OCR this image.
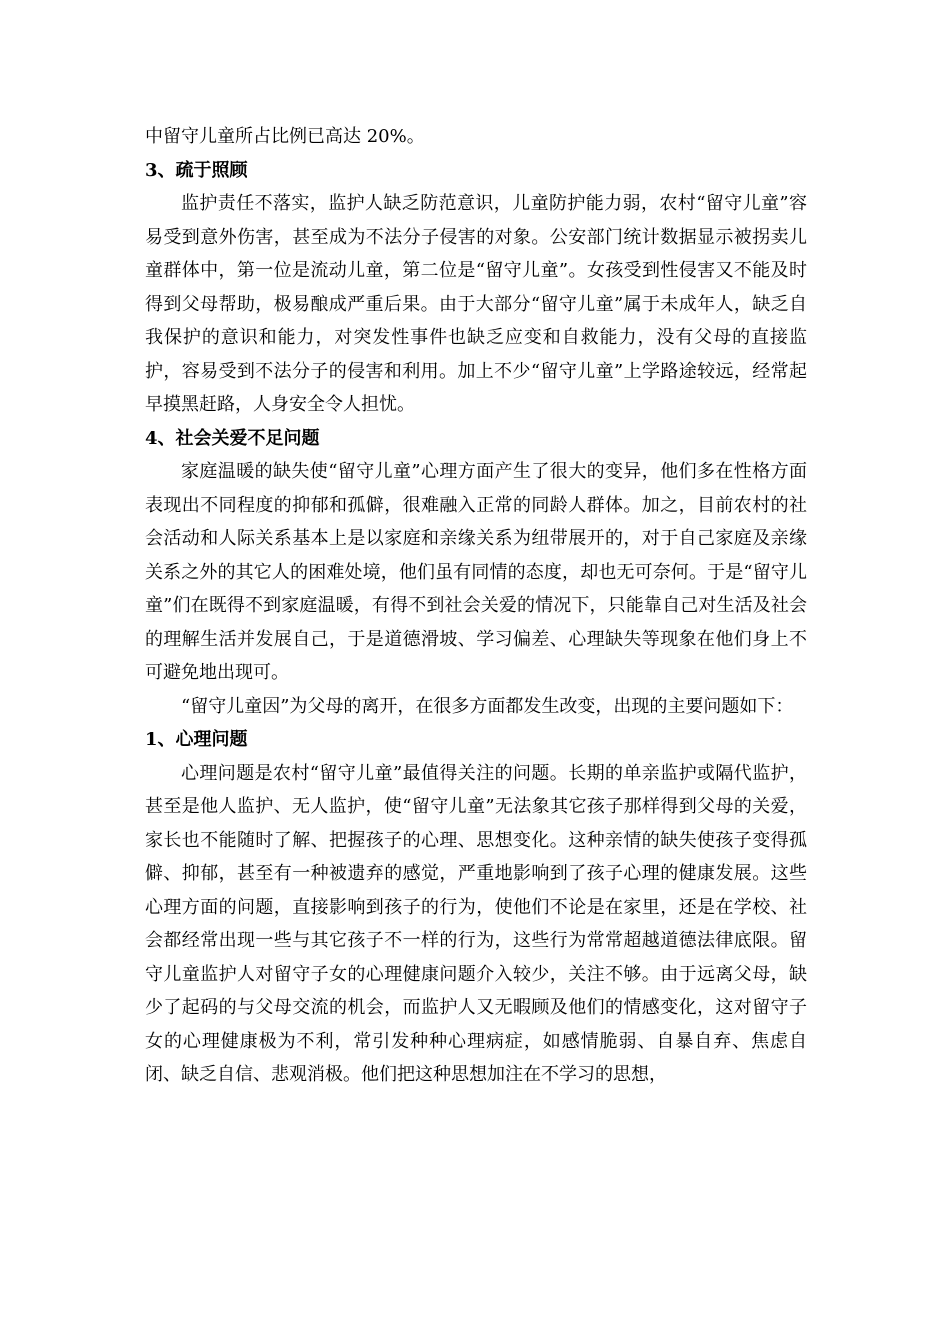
中留守儿童所占比例已高达 20%。

3、疏于照顾

监护责任不落实，监护人缺乏防范意识，儿童防护能力弱，农村“留守儿童”容易受到意外伤害，甚至成为不法分子侵害的对象。公安部门统计数据显示被拐卖儿童群体中，第一位是流动儿童，第二位是“留守儿童”。女孩受到性侵害又不能及时得到父母帮助，极易酿成严重后果。由于大部分“留守儿童”属于未成年人，缺乏自我保护的意识和能力，对突发性事件也缺乏应变和自救能力，没有父母的直接监护，容易受到不法分子的侵害和利用。加上不少“留守儿童”上学路途较远，经常起早摸黑赶路，人身安全令人担忧。

4、社会关爱不足问题

家庭温暖的缺失使“留守儿童”心理方面产生了很大的变异，他们多在性格方面表现出不同程度的抑郁和孤僻，很难融入正常的同龄人群体。加之，目前农村的社会活动和人际关系基本上是以家庭和亲缘关系为纽带展开的，对于自己家庭及亲缘关系之外的其它人的困难处境，他们虽有同情的态度，却也无可奈何。于是“留守儿童”们在既得不到家庭温暖，有得不到社会关爱的情况下，只能靠自己对生活及社会的理解生活并发展自己，于是道德滑坡、学习偏差、心理缺失等现象在他们身上不可避免地出现可。

“留守儿童因”为父母的离开，在很多方面都发生改变，出现的主要问题如下：

1、心理问题

心理问题是农村“留守儿童”最值得关注的问题。长期的单亲监护或隔代监护，甚至是他人监护、无人监护，使“留守儿童”无法象其它孩子那样得到父母的关爱，家长也不能随时了解、把握孩子的心理、思想变化。这种亲情的缺失使孩子变得孤僻、抑郁，甚至有一种被遗弃的感觉，严重地影响到了孩子心理的健康发展。这些心理方面的问题，直接影响到孩子的行为，使他们不论是在家里，还是在学校、社会都经常出现一些与其它孩子不一样的行为，这些行为常常超越道德法律底限。留守儿童监护人对留守子女的心理健康问题介入较少，关注不够。由于远离父母，缺少了起码的与父母交流的机会，而监护人又无暇顾及他们的情感变化，这对留守子女的心理健康极为不利，常引发种种心理病症，如感情脆弱、自暴自弃、焦虑自闭、缺乏自信、悲观消极。他们把这种思想加注在不学习的思想，
